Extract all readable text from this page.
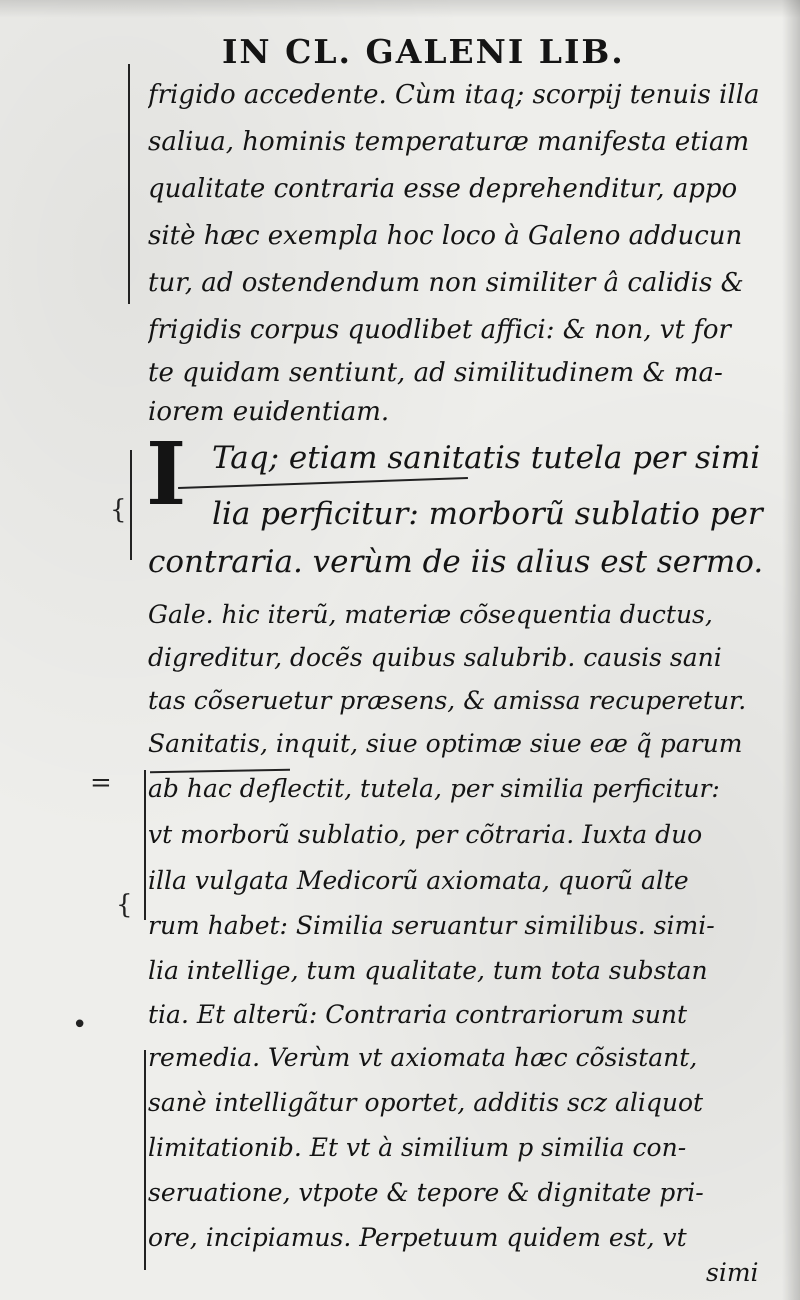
IN CL. GALENI LIB.
{
=
{
•
I
frigido accedente. Cùm itaq; scorpij tenuis illa
saliua, hominis temperaturæ manifesta etiam
qualitate contraria esse deprehenditur, appo
sitè hæc exempla hoc loco à Galeno adducun
tur, ad ostendendum non similiter â calidis &
frigidis corpus quodlibet affici: & non, vt for
te quidam sentiunt, ad similitudinem & ma-
iorem euidentiam.
Taq; etiam sanitatis tutela per simi
lia perficitur: morborũ sublatio per
contraria. verùm de iis alius est sermo.
Gale. hic iterũ, materiæ cõsequentia ductus,
digreditur, docẽs quibus salubrib. causis sani
tas cõseruetur præsens, & amissa recuperetur.
Sanitatis, inquit, siue optimæ siue eæ q̃ parum
ab hac deflectit, tutela, per similia perficitur:
vt morborũ sublatio, per cõtraria. Iuxta duo
illa vulgata Medicorũ axiomata, quorũ alte
rum habet: Similia seruantur similibus. simi-
lia intellige, tum qualitate, tum tota substan
tia. Et alterũ: Contraria contrariorum sunt
remedia. Verùm vt axiomata hæc cõsistant,
sanè intelligãtur oportet, additis scz aliquot
limitationib. Et vt à similium p similia con-
seruatione, vtpote & tepore & dignitate pri-
ore, incipiamus. Perpetuum quidem est, vt
simi
